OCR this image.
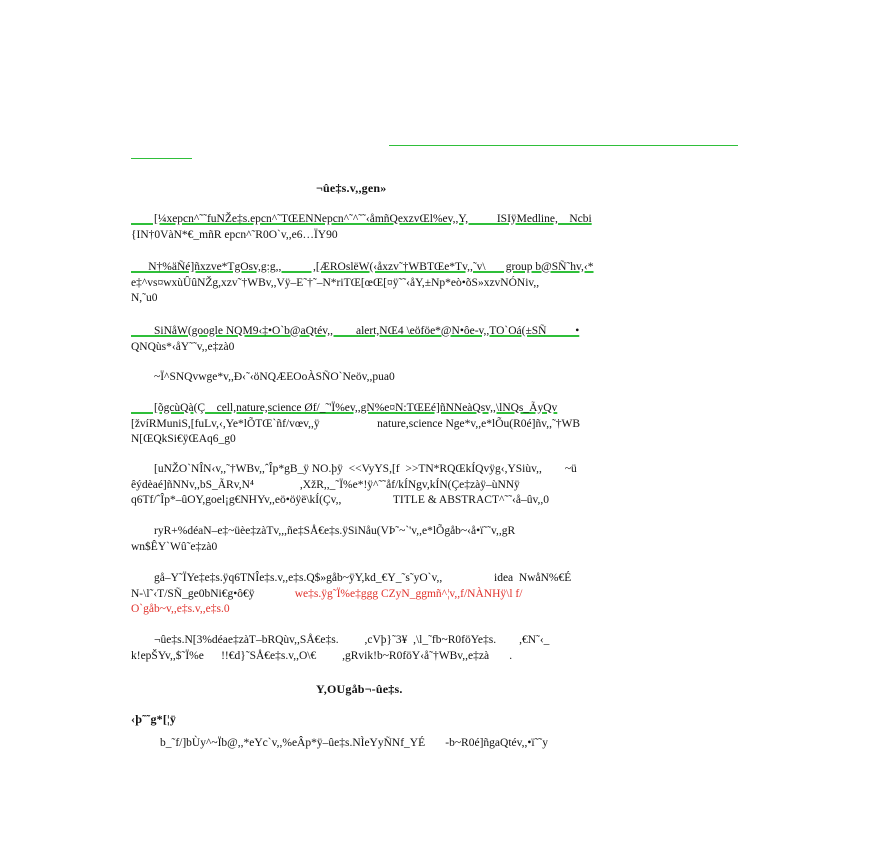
¬ûe‡s.v,,gen»
[¼xepcn^˜˜fuNŽe‡s.epcn^˜TŒENNepcn^˜^˜˜‹åmñQexzvŒl%ev,,Y,          ISIÿMedline,    Ncbi
{IN†0VàN*€_mñR epcn^˜R0O`v,,e6…ÏY90
N†%äÑé]ñxzve*TgOsv,g:g,,           ,[ÆROslëW(‹åxzv˜†WBTŒe*Tv,,˜v\       group b@SÑ˜hv,‹*
e‡^vs¤wxùÛûNŽg,xzv˜†WBv,,Vÿ–E˜†˜–N*riTŒ[œŒ[¤ÿ˜˜‹åY,±Np*eò•õS»xzvNÓNiv,,
N,˜u0
SiNåW(google NQM9‹‡•O`b@aQtév,,        alert,NŒ4 \eöföe*@N•ôe-v,,TO`Oá(±SÑ          •
QNQùs*‹åY˜˜v,,e‡zà0
~Ï^SNQvwge*v,,Ð‹˜‹öNQÆEOoÀSÑO`Neöv,,pua0
[õgcùQà(Ç    cell,nature,science Øf/_˜'Ï%ev,,gN%e¤N:TŒEé]ñNNeàQsv,,\lNQs_ÃyQv
[žvíRMuniS,[fuLv,‹,Ye*lÕTŒ`ñf/vœv,,ÿ                    nature,science Nge*v,,e*lÕu(R0é]ñv,,˜†WB
N[ŒQkSi€ÿŒAq6_g0
[uNŽO`NÎN‹v,,˜†WBv,,ˆÎp*gB_ÿ NO.þÿ  <<VyYS,[f  >>TN*RQŒkÍQvÿg‹,YSiùv,,        ~ü
êýdèaé]ñNNv,,bS_ÃRv,N⁴                ,XžR,,_˜Ï%e*!ÿ^˜˜åf/kÍNgv,kÍN(Çe‡zàÿ–ùNNÿ
q6Tf/ˆÎp*–ûOY,goel¡g€NHYv,,eö•öÿë\kÍ(Çv,,                  TITLE & ABSTRACT^˜˜‹å–ûv,,0
ryR+%déaN–e‡~üèe‡zàTv,,,ñe‡SÅ€e‡s.ÿSiNåu(VÞ˜~`'v,,e*lÕgåb~‹å•ï˜˜v,,gR
wn$ÊY`Wû˜e‡zà0
gå–Y˜ÏYe‡e‡s.ÿq6TNÎe‡s.v,,e‡s.Q$»gåb~ÿY,kd_€Y_˜s˜yO`v,,                  idea  NwåN%€É
N-\l˜‹T/SÑ_ge0bNi€g•ô€ÿ              we‡s.ÿg˜Ï%e‡ggg CZyN_ggmñ^¦v,,f/NÀNHÿ\l f/
O`gåb~v,,e‡s.v,,e‡s.0
¬ûe‡s.N[3%déae‡zàT–bRQùv,,SÅ€e‡s.         ,cVþ}˜3¥  ,\l_˜fb~R0föYe‡s.        ,€N˜‹_
k!epŠYv,,$˜Ï%e      !!€d}˜SÅ€e‡s.v,,O\€         ,gRvik!b~R0föY‹å˜†WBv,,e‡zà       .
Y,OUgåb¬-ûe‡s.
‹þ˜˜g*[¦ÿ
b_˜f/]bÙy^~Ïb@,,*eYc`v,,%eÂp*ÿ–ûe‡s.NÌeYyÑNf_YÉ       -b~R0é]ñgaQtév,,•ï˜˜y
